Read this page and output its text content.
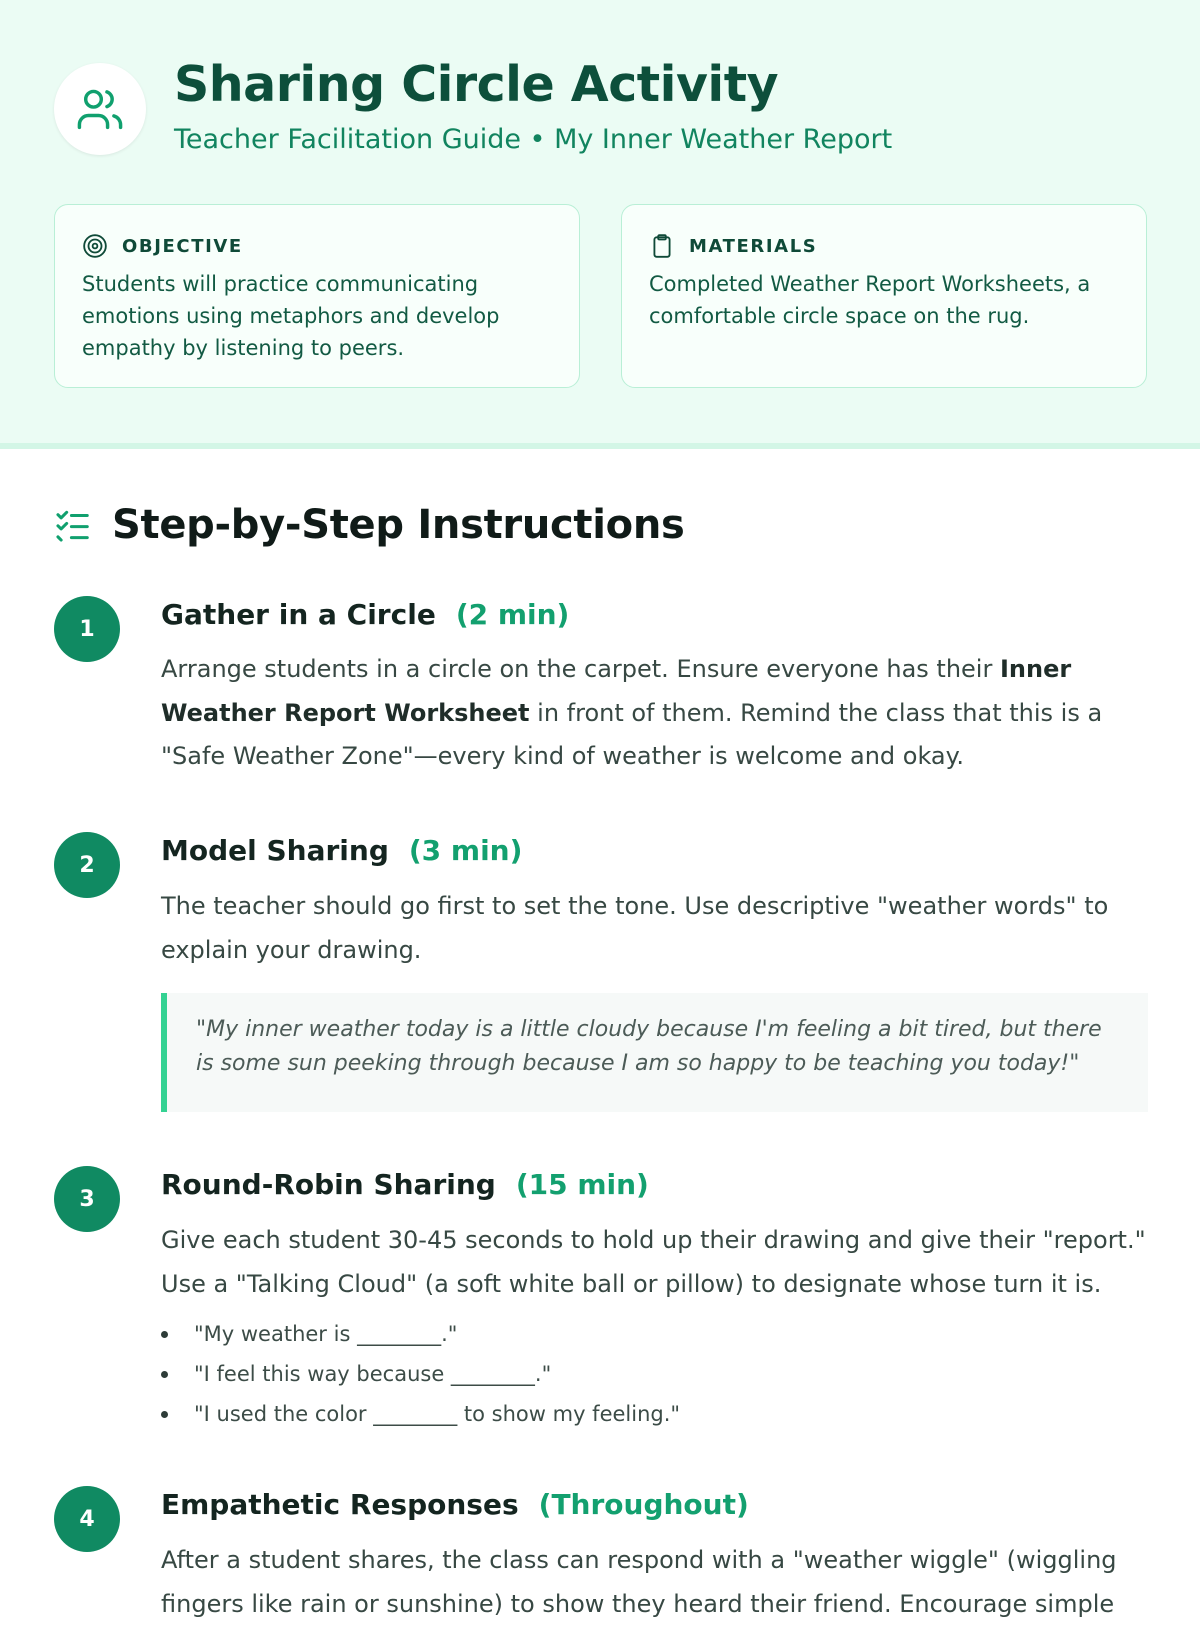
Sharing Circle Activity
Teacher Facilitation Guide • My Inner Weather Report
OBJECTIVE

Students will practice communicating emotions using metaphors and develop empathy by listening to peers.

MATERIALS

Completed Weather Report Worksheets, a comfortable circle space on the rug.

Step-by-Step Instructions
1	Gather in a Circle (2 min)

Arrange students in a circle on the carpet. Ensure everyone has their Inner Weather Report Worksheet in front of them. Remind the class that this is a "Safe Weather Zone"—every kind of weather is welcome and okay.

2	Model Sharing (3 min)

The teacher should go first to set the tone. Use descriptive "weather words" to explain your drawing.

"My inner weather today is a little cloudy because I'm feeling a bit tired, but there is some sun peeking through because I am so happy to be teaching you today!"
3	Round-Robin Sharing (15 min)

Give each student 30-45 seconds to hold up their drawing and give their "report." Use a "Talking Cloud" (a soft white ball or pillow) to designate whose turn it is.

"My weather is ________."
"I feel this way because ________."
"I used the color ________ to show my feeling."
4	Empathetic Responses (Throughout)

After a student shares, the class can respond with a "weather wiggle" (wiggling fingers like rain or sunshine) to show they heard their friend. Encourage simple
